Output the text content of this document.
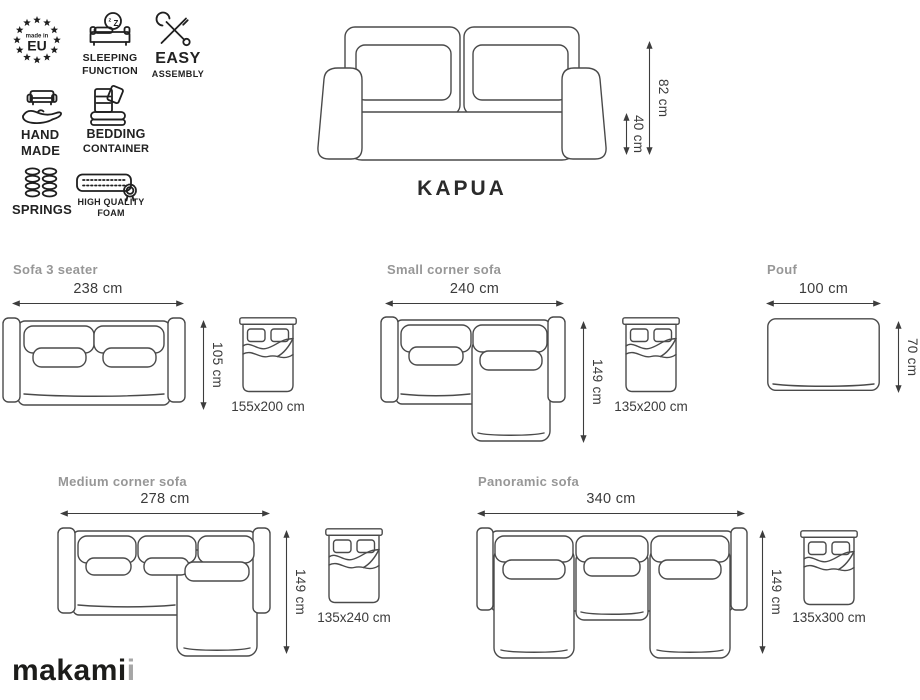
made in
EU
z Z
SLEEPING
FUNCTION
EASY
ASSEMBLY
HAND
MADE
BEDDING
CONTAINER
SPRINGS HIGH QUALITY
FOAM
KAPUA
82 cm
40 cm
Sofa 3 seater
238 cm
105 cm
155x200 cm
Small corner sofa
240 cm
149 cm
135x200 cm
Pouf
100 cm
70 cm
Medium corner sofa
278 cm
149 cm
135x240 cm
Panoramic sofa
340 cm
149 cm
135x300 cm
makamii
